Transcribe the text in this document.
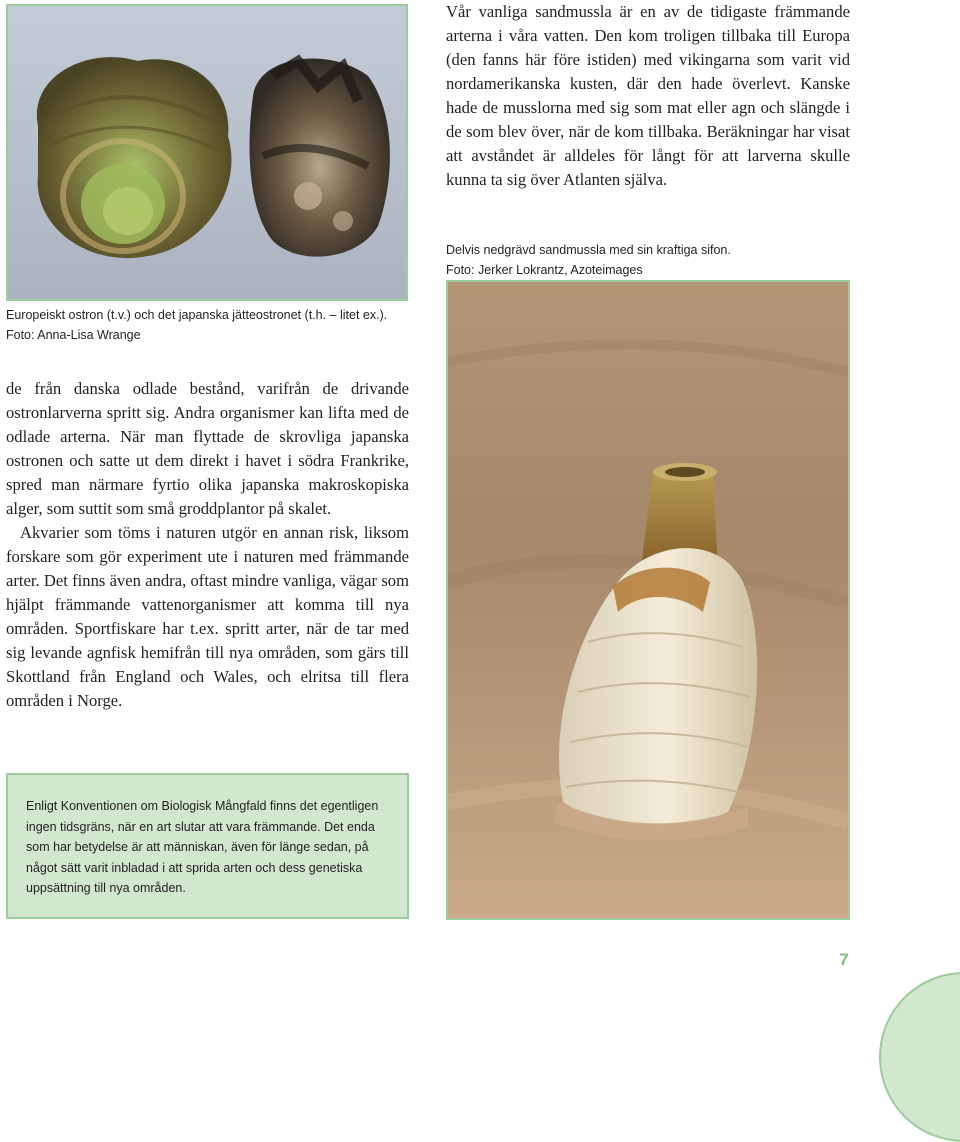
Vår vanliga sandmussla är en av de tidigaste främmande arterna i våra vatten. Den kom troligen tillbaka till Europa (den fanns här före istiden) med vikingarna som varit vid nordamerikanska kusten, där den hade överlevt. Kanske hade de musslorna med sig som mat eller agn och slängde i de som blev över, när de kom tillbaka. Beräkningar har visat att avståndet är alldeles för långt för att larverna skulle kunna ta sig över Atlanten själva.

Delvis nedgrävd sandmussla med sin kraftiga sifon.

Foto: Jerker Lokrantz, Azoteimages

Europeiskt ostron (t.v.) och det japanska jätteostronet (t.h. – litet ex.).

Foto: Anna-Lisa Wrange

de från danska odlade bestånd, varifrån de drivande ostronlarverna spritt sig. Andra organismer kan lifta med de odlade arterna. När man flyttade de skrovliga japanska ostronen och satte ut dem direkt i havet i södra Frankrike, spred man närmare fyrtio olika japanska makroskopiska alger, som suttit som små groddplantor på skalet.

Akvarier som töms i naturen utgör en annan risk, liksom forskare som gör experiment ute i naturen med främmande arter. Det finns även andra, oftast mindre vanliga, vägar som hjälpt främmande vattenorganismer att komma till nya områden. Sportfiskare har t.ex. spritt arter, när de tar med sig levande agnfisk hemifrån till nya områden, som gärs till Skottland från England och Wales, och elritsa till flera områden i Norge.

Enligt Konventionen om Biologisk Mångfald finns det egentligen ingen tidsgräns, när en art slutar att vara främmande. Det enda som har betydelse är att människan, även för länge sedan, på något sätt varit inbladad i att sprida arten och dess genetiska uppsättning till nya områden.
7
